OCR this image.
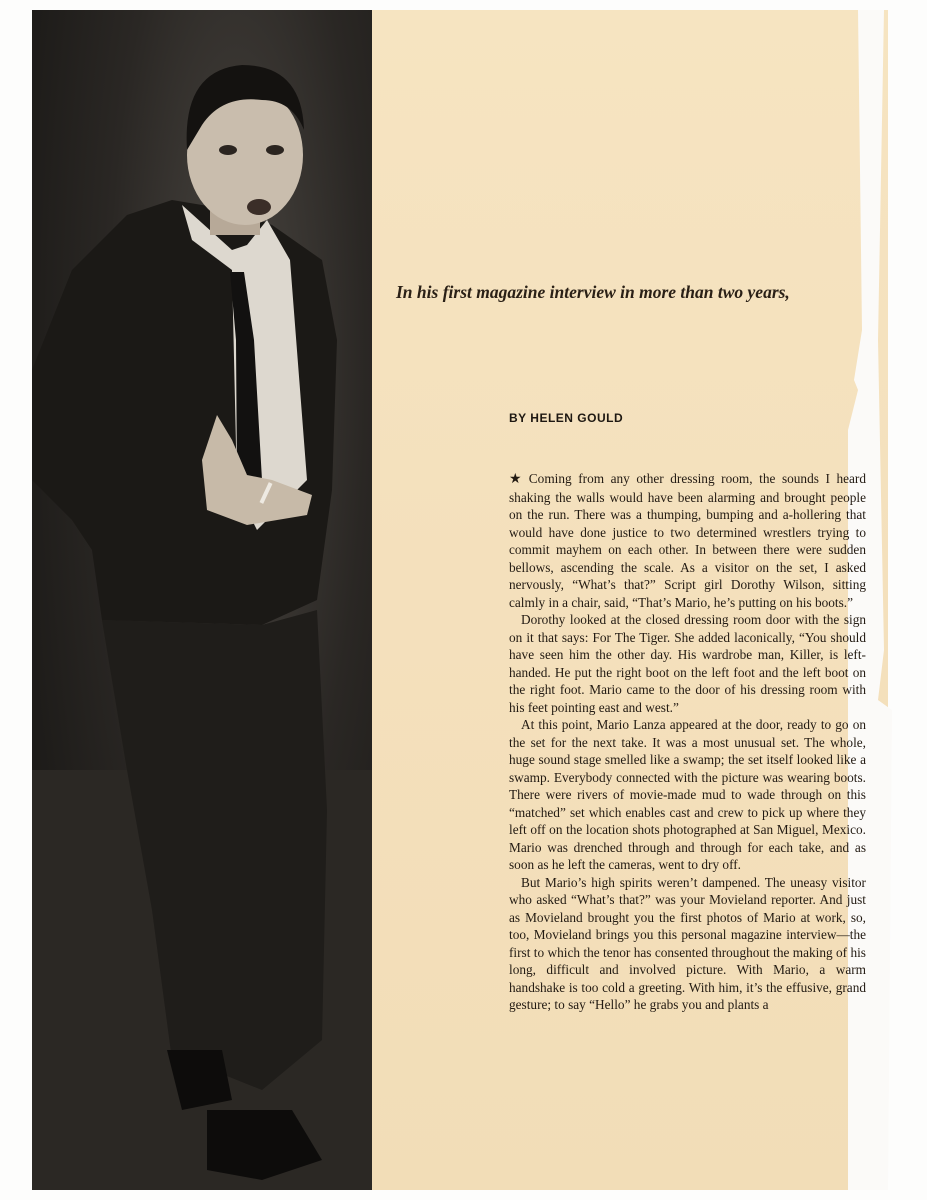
In his first magazine interview in more than two years,

BY HELEN GOULD

★ Coming from any other dressing room, the sounds I heard shaking the walls would have been alarming and brought people on the run. There was a thumping, bumping and a-hollering that would have done justice to two determined wrestlers trying to commit mayhem on each other. In between there were sudden bellows, ascending the scale. As a visitor on the set, I asked nervously, “What’s that?” Script girl Dorothy Wilson, sitting calmly in a chair, said, “That’s Mario, he’s putting on his boots.”

Dorothy looked at the closed dressing room door with the sign on it that says: For The Tiger. She added laconically, “You should have seen him the other day. His wardrobe man, Killer, is left-handed. He put the right boot on the left foot and the left boot on the right foot. Mario came to the door of his dressing room with his feet pointing east and west.”

At this point, Mario Lanza appeared at the door, ready to go on the set for the next take. It was a most unusual set. The whole, huge sound stage smelled like a swamp; the set itself looked like a swamp. Everybody connected with the picture was wearing boots. There were rivers of movie-made mud to wade through on this “matched” set which enables cast and crew to pick up where they left off on the location shots photographed at San Miguel, Mexico. Mario was drenched through and through for each take, and as soon as he left the cameras, went to dry off.

But Mario’s high spirits weren’t dampened. The uneasy visitor who asked “What’s that?” was your Movieland reporter. And just as Movieland brought you the first photos of Mario at work, so, too, Movieland brings you this personal magazine interview—the first to which the tenor has consented throughout the making of his long, difficult and involved picture. With Mario, a warm handshake is too cold a greeting. With him, it’s the effusive, grand gesture; to say “Hello” he grabs you and plants a
